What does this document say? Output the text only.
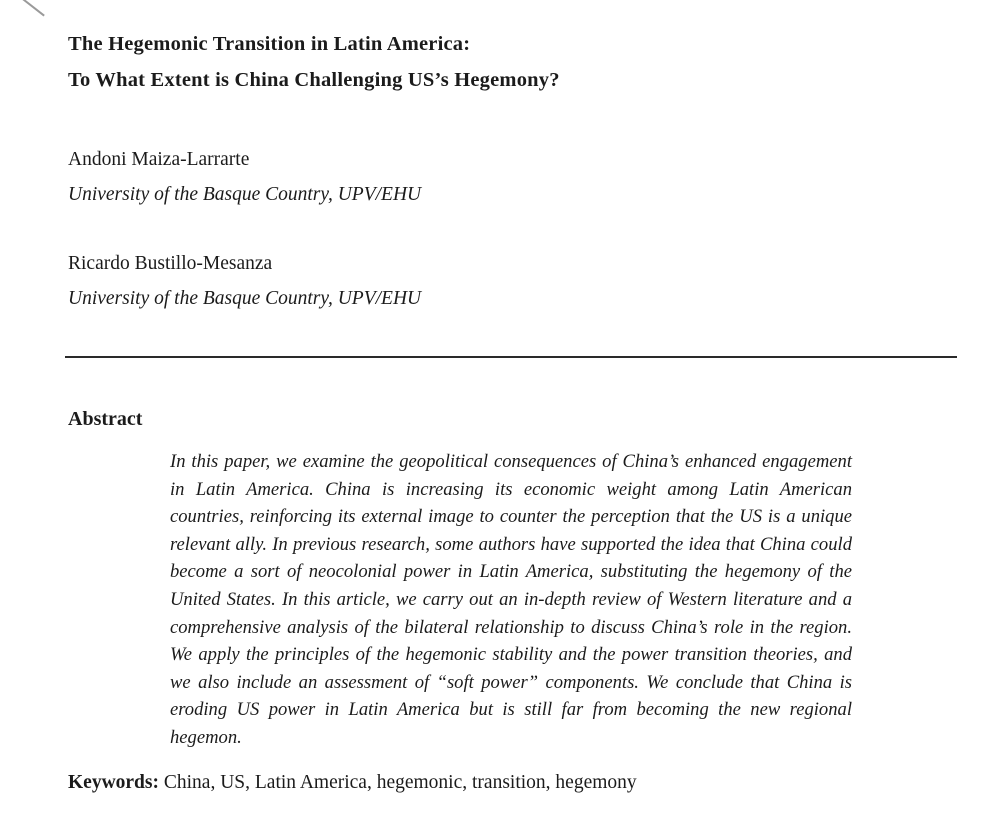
The Hegemonic Transition in Latin America:
To What Extent is China Challenging US’s Hegemony?
Andoni Maiza-Larrarte
University of the Basque Country, UPV/EHU
Ricardo Bustillo-Mesanza
University of the Basque Country, UPV/EHU
Abstract

In this paper, we examine the geopolitical consequences of China’s enhanced engagement in Latin America. China is increasing its economic weight among Latin American countries, reinforcing its external image to counter the perception that the US is a unique relevant ally. In previous research, some authors have supported the idea that China could become a sort of neocolonial power in Latin America, substituting the hegemony of the United States. In this article, we carry out an in-depth review of Western literature and a comprehensive analysis of the bilateral relationship to discuss China’s role in the region. We apply the principles of the hegemonic stability and the power transition theories, and we also include an assessment of “soft power” components. We conclude that China is eroding US power in Latin America but is still far from becoming the new regional hegemon.

Keywords: China, US, Latin America, hegemonic, transition, hegemony
